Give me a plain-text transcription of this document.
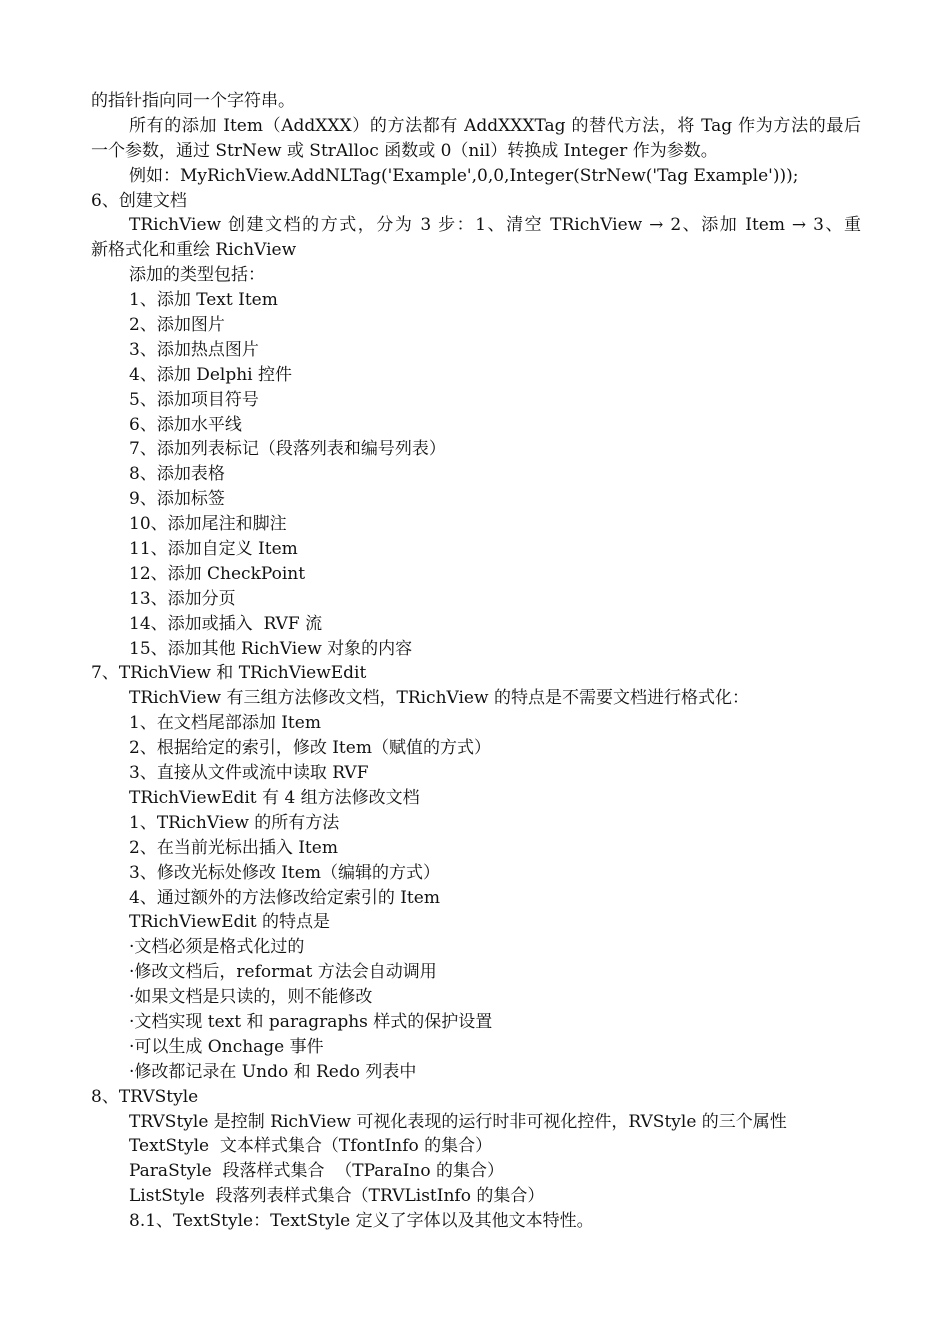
的指针指向同一个字符串。
所有的添加 Item（AddXXX）的方法都有 AddXXXTag 的替代方法，将 Tag 作为方法的最后
一个参数，通过 StrNew 或 StrAlloc 函数或 0（nil）转换成 Integer 作为参数。
例如：MyRichView.AddNLTag('Example',0,0,Integer(StrNew('Tag Example')));
6、创建文档
TRichView 创建文档的方式，分为 3 步：1、清空 TRichView → 2、添加 Item → 3、重
新格式化和重绘 RichView
添加的类型包括：
1、添加 Text Item
2、添加图片
3、添加热点图片
4、添加 Delphi 控件
5、添加项目符号
6、添加水平线
7、添加列表标记（段落列表和编号列表）
8、添加表格
9、添加标签
10、添加尾注和脚注
11、添加自定义 Item
12、添加 CheckPoint
13、添加分页
14、添加或插入  RVF 流
15、添加其他 RichView 对象的内容
7、TRichView 和 TRichViewEdit
TRichView 有三组方法修改文档，TRichView 的特点是不需要文档进行格式化：
1、在文档尾部添加 Item
2、根据给定的索引，修改 Item（赋值的方式）
3、直接从文件或流中读取 RVF
TRichViewEdit 有 4 组方法修改文档
1、TRichView 的所有方法
2、在当前光标出插入 Item
3、修改光标处修改 Item（编辑的方式）
4、通过额外的方法修改给定索引的 Item
TRichViewEdit 的特点是
·文档必须是格式化过的
·修改文档后，reformat 方法会自动调用
·如果文档是只读的，则不能修改
·文档实现 text 和 paragraphs 样式的保护设置
·可以生成 Onchage 事件
·修改都记录在 Undo 和 Redo 列表中
8、TRVStyle
TRVStyle 是控制 RichView 可视化表现的运行时非可视化控件，RVStyle 的三个属性
TextStyle  文本样式集合（TfontInfo 的集合）
ParaStyle  段落样式集合  （TParaIno 的集合）
ListStyle  段落列表样式集合（TRVListInfo 的集合）
8.1、TextStyle：TextStyle 定义了字体以及其他文本特性。
